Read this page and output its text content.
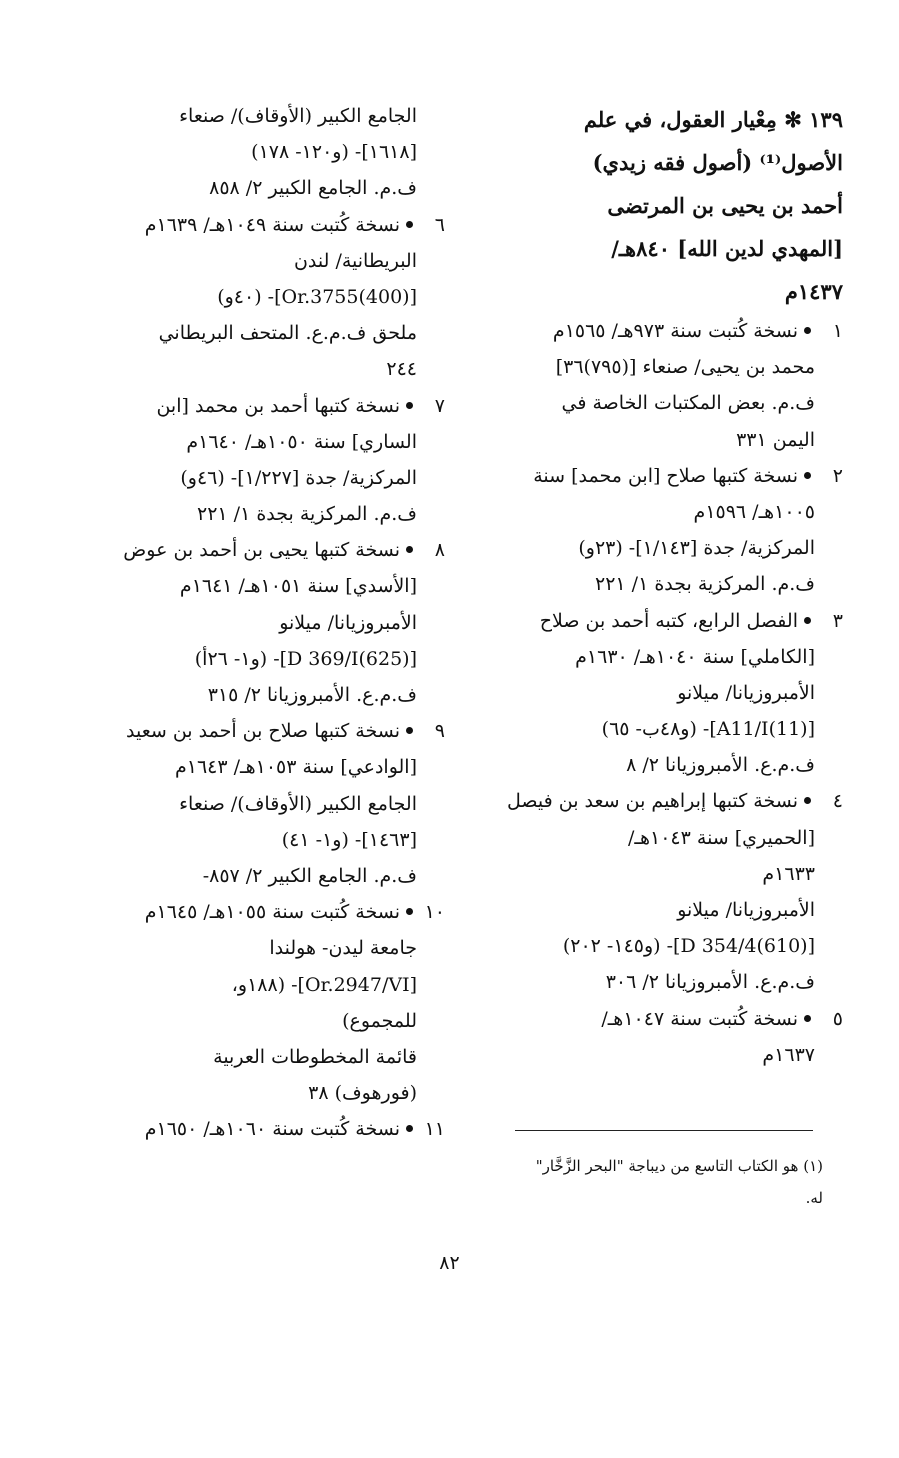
١٣٩ ✻ مِعْيار العقول، في علم
الأصول⁽¹⁾ (أصول فقه زيدي)
أحمد بن يحيى بن المرتضى
[المهدي لدين الله] ٨٤٠هـ/
١٤٣٧م
١نسخة كُتبت سنة ٩٧٣هـ/ ١٥٦٥م
محمد بن يحيى/ صنعاء [(٧٩٥)٣٦]
ف.م. بعض المكتبات الخاصة في
اليمن ٣٣١
٢نسخة كتبها صلاح [ابن محمد] سنة
١٠٠٥هـ/ ١٥٩٦م
المركزية/ جدة [١/١٤٣]- (٢٣و)
ف.م. المركزية بجدة ١/ ٢٢١
٣الفصل الرابع، كتبه أحمد بن صلاح
[الكاملي] سنة ١٠٤٠هـ/ ١٦٣٠م
الأمبروزيانا/ ميلانو
[(11)A11/I]- (و٤٨ب- ٦٥)
ف.م.ع. الأمبروزيانا ٢/ ٨
٤نسخة كتبها إبراهيم بن سعد بن فيصل
[الحميري] سنة ١٠٤٣هـ/
١٦٣٣م
الأمبروزيانا/ ميلانو
[(610)D 354/4]- (و١٤٥- ٢٠٢)
ف.م.ع. الأمبروزيانا ٢/ ٣٠٦
٥نسخة كُتبت سنة ١٠٤٧هـ/
١٦٣٧م
الجامع الكبير (الأوقاف)/ صنعاء
[١٦١٨]- (و١٢٠- ١٧٨)
ف.م. الجامع الكبير ٢/ ٨٥٨
٦نسخة كُتبت سنة ١٠٤٩هـ/ ١٦٣٩م
البريطانية/ لندن
[(400)Or.3755]- (٤٠و)
ملحق ف.م.ع. المتحف البريطاني
٢٤٤
٧نسخة كتبها أحمد بن محمد [ابن
الساري] سنة ١٠٥٠هـ/ ١٦٤٠م
المركزية/ جدة [١/٢٢٧]- (٤٦و)
ف.م. المركزية بجدة ١/ ٢٢١
٨نسخة كتبها يحيى بن أحمد بن عوض
[الأسدي] سنة ١٠٥١هـ/ ١٦٤١م
الأمبروزيانا/ ميلانو
[(625)D 369/I]- (و١- ٢٦أ)
ف.م.ع. الأمبروزيانا ٢/ ٣١٥
٩نسخة كتبها صلاح بن أحمد بن سعيد
[الوادعي] سنة ١٠٥٣هـ/ ١٦٤٣م
الجامع الكبير (الأوقاف)/ صنعاء
[١٤٦٣]- (و١- ٤١)
ف.م. الجامع الكبير ٢/ ٨٥٧-
١٠نسخة كُتبت سنة ١٠٥٥هـ/ ١٦٤٥م
جامعة ليدن- هولندا
[Or.2947/VI]- (١٨٨و،
للمجموع)
قائمة المخطوطات العربية
(فورهوف) ٣٨
١١نسخة كُتبت سنة ١٠٦٠هـ/ ١٦٥٠م
(١) هو الكتاب التاسع من ديباجة "البحر الزَّخَّار"
له.
٨٢
